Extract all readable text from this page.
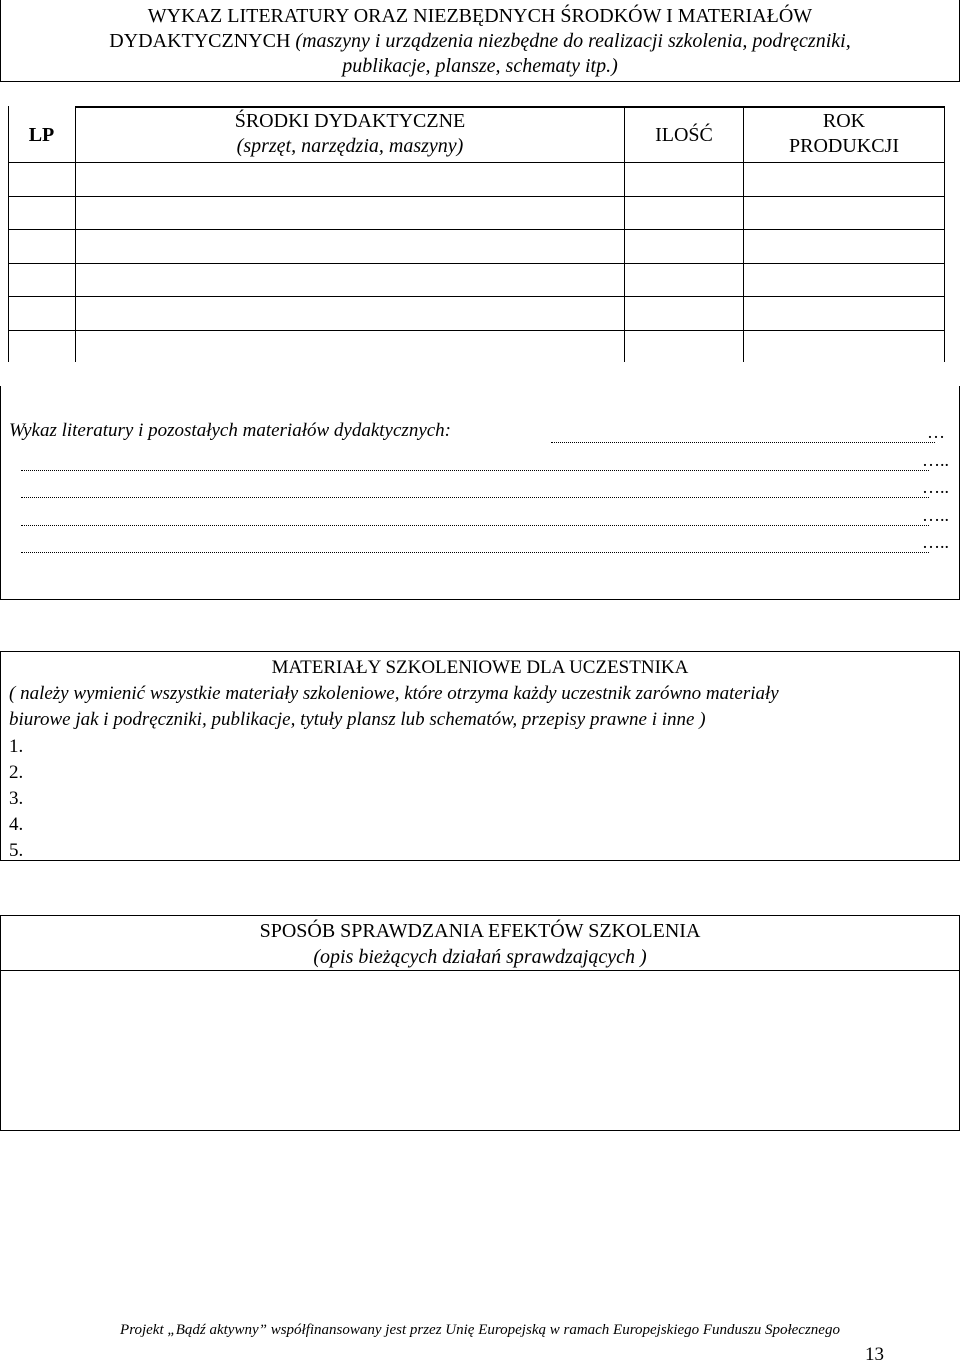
WYKAZ LITERATURY ORAZ NIEZBĘDNYCH ŚRODKÓW I MATERIAŁÓW
DYDAKTYCZNYCH (maszyny i urządzenia niezbędne do realizacji szkolenia, podręczniki,
publikacje, plansze, schematy itp.)
LP
ŚRODKI DYDAKTYCZNE
(sprzęt, narzędzia, maszyny)	ILOŚĆ
ROK
PRODUKCJI
Wykaz literatury i pozostałych materiałów dydaktycznych:	…
…..
…..
…..
…..
MATERIAŁY SZKOLENIOWE DLA UCZESTNIKA
( należy wymienić wszystkie materiały szkoleniowe, które otrzyma każdy uczestnik zarówno materiały
biurowe jak i podręczniki, publikacje, tytuły plansz lub schematów, przepisy prawne i inne )
1.
2.
3.
4.
5.
SPOSÓB SPRAWDZANIA EFEKTÓW SZKOLENIA
(opis bieżących działań sprawdzających )
Projekt „Bądź aktywny” współfinansowany jest przez Unię Europejską w ramach Europejskiego Funduszu Społecznego
13
